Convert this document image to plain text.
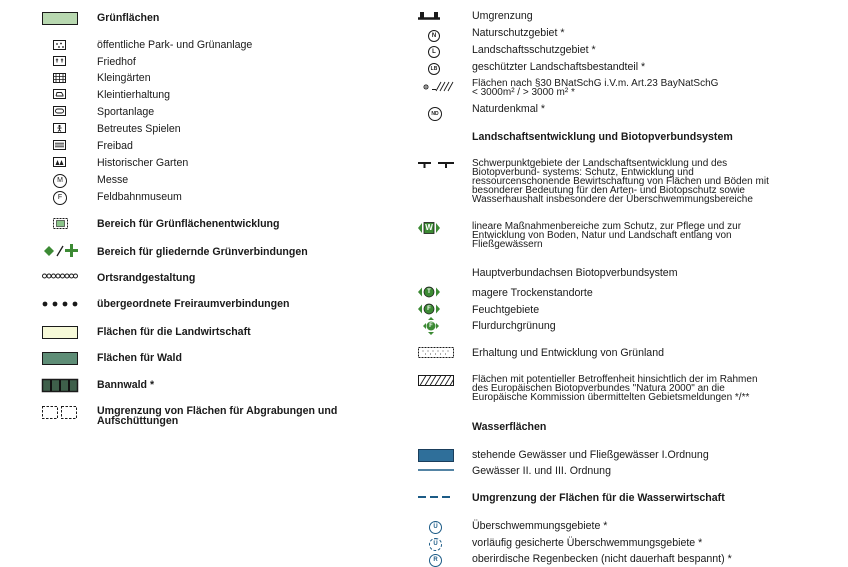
Grünflächen
öffentliche Park- und Grünanlage
Friedhof
Kleingärten
Kleintierhaltung
Sportanlage
Betreutes Spielen
Freibad
Historischer Garten
M	Messe
F	Feldbahnmuseum
Bereich für Grünflächenentwicklung
Bereich für gliedernde Grünverbindungen
Ortsrandgestaltung
übergeordnete Freiraumverbindungen
Flächen für die Landwirtschaft
Flächen für Wald
Bannwald *
Umgrenzung von Flächen für Abgrabungen und
Aufschüttungen
Umgrenzung
N	Naturschutzgebiet *
L	Landschaftsschutzgebiet *
LB	geschützter Landschaftsbestandteil *
Flächen nach §30 BNatSchG i.V.m. Art.23 BayNatSchG
< 3000m² / > 3000 m² *
ND	Naturdenkmal *
Landschaftsentwicklung und Biotopverbundsystem
Schwerpunktgebiete der Landschaftsentwicklung und des
Biotopverbund- systems: Schutz, Entwicklung und
ressourcenschonende Bewirtschaftung von Flächen und Böden mit
besonderer Bedeutung für den Arten- und Biotopschutz sowie
Wasserhaushalt insbesondere der Überschwemmungsbereiche
W	lineare Maßnahmenbereiche zum Schutz, zur Pflege und zur
Entwicklung von Boden, Natur und Landschaft entlang von
Fließgewässern
Hauptverbundachsen Biotopverbundsystem
T	magere Trockenstandorte
F	Feuchtgebiete
F	Flurdurchgrünung
Erhaltung und Entwicklung von Grünland
Flächen mit potentieller Betroffenheit hinsichtlich der im Rahmen
des Europäischen Biotopverbundes "Natura 2000" an die
Europäische Kommission übermittelten Gebietsmeldungen */**
Wasserflächen
stehende Gewässer und Fließgewässer I.Ordnung
Gewässer II. und III. Ordnung
Umgrenzung der Flächen für die Wasserwirtschaft
Ü	Überschwemmungsgebiete *
Ü	vorläufig gesicherte Überschwemmungsgebiete *
R	oberirdische Regenbecken (nicht dauerhaft bespannt) *
